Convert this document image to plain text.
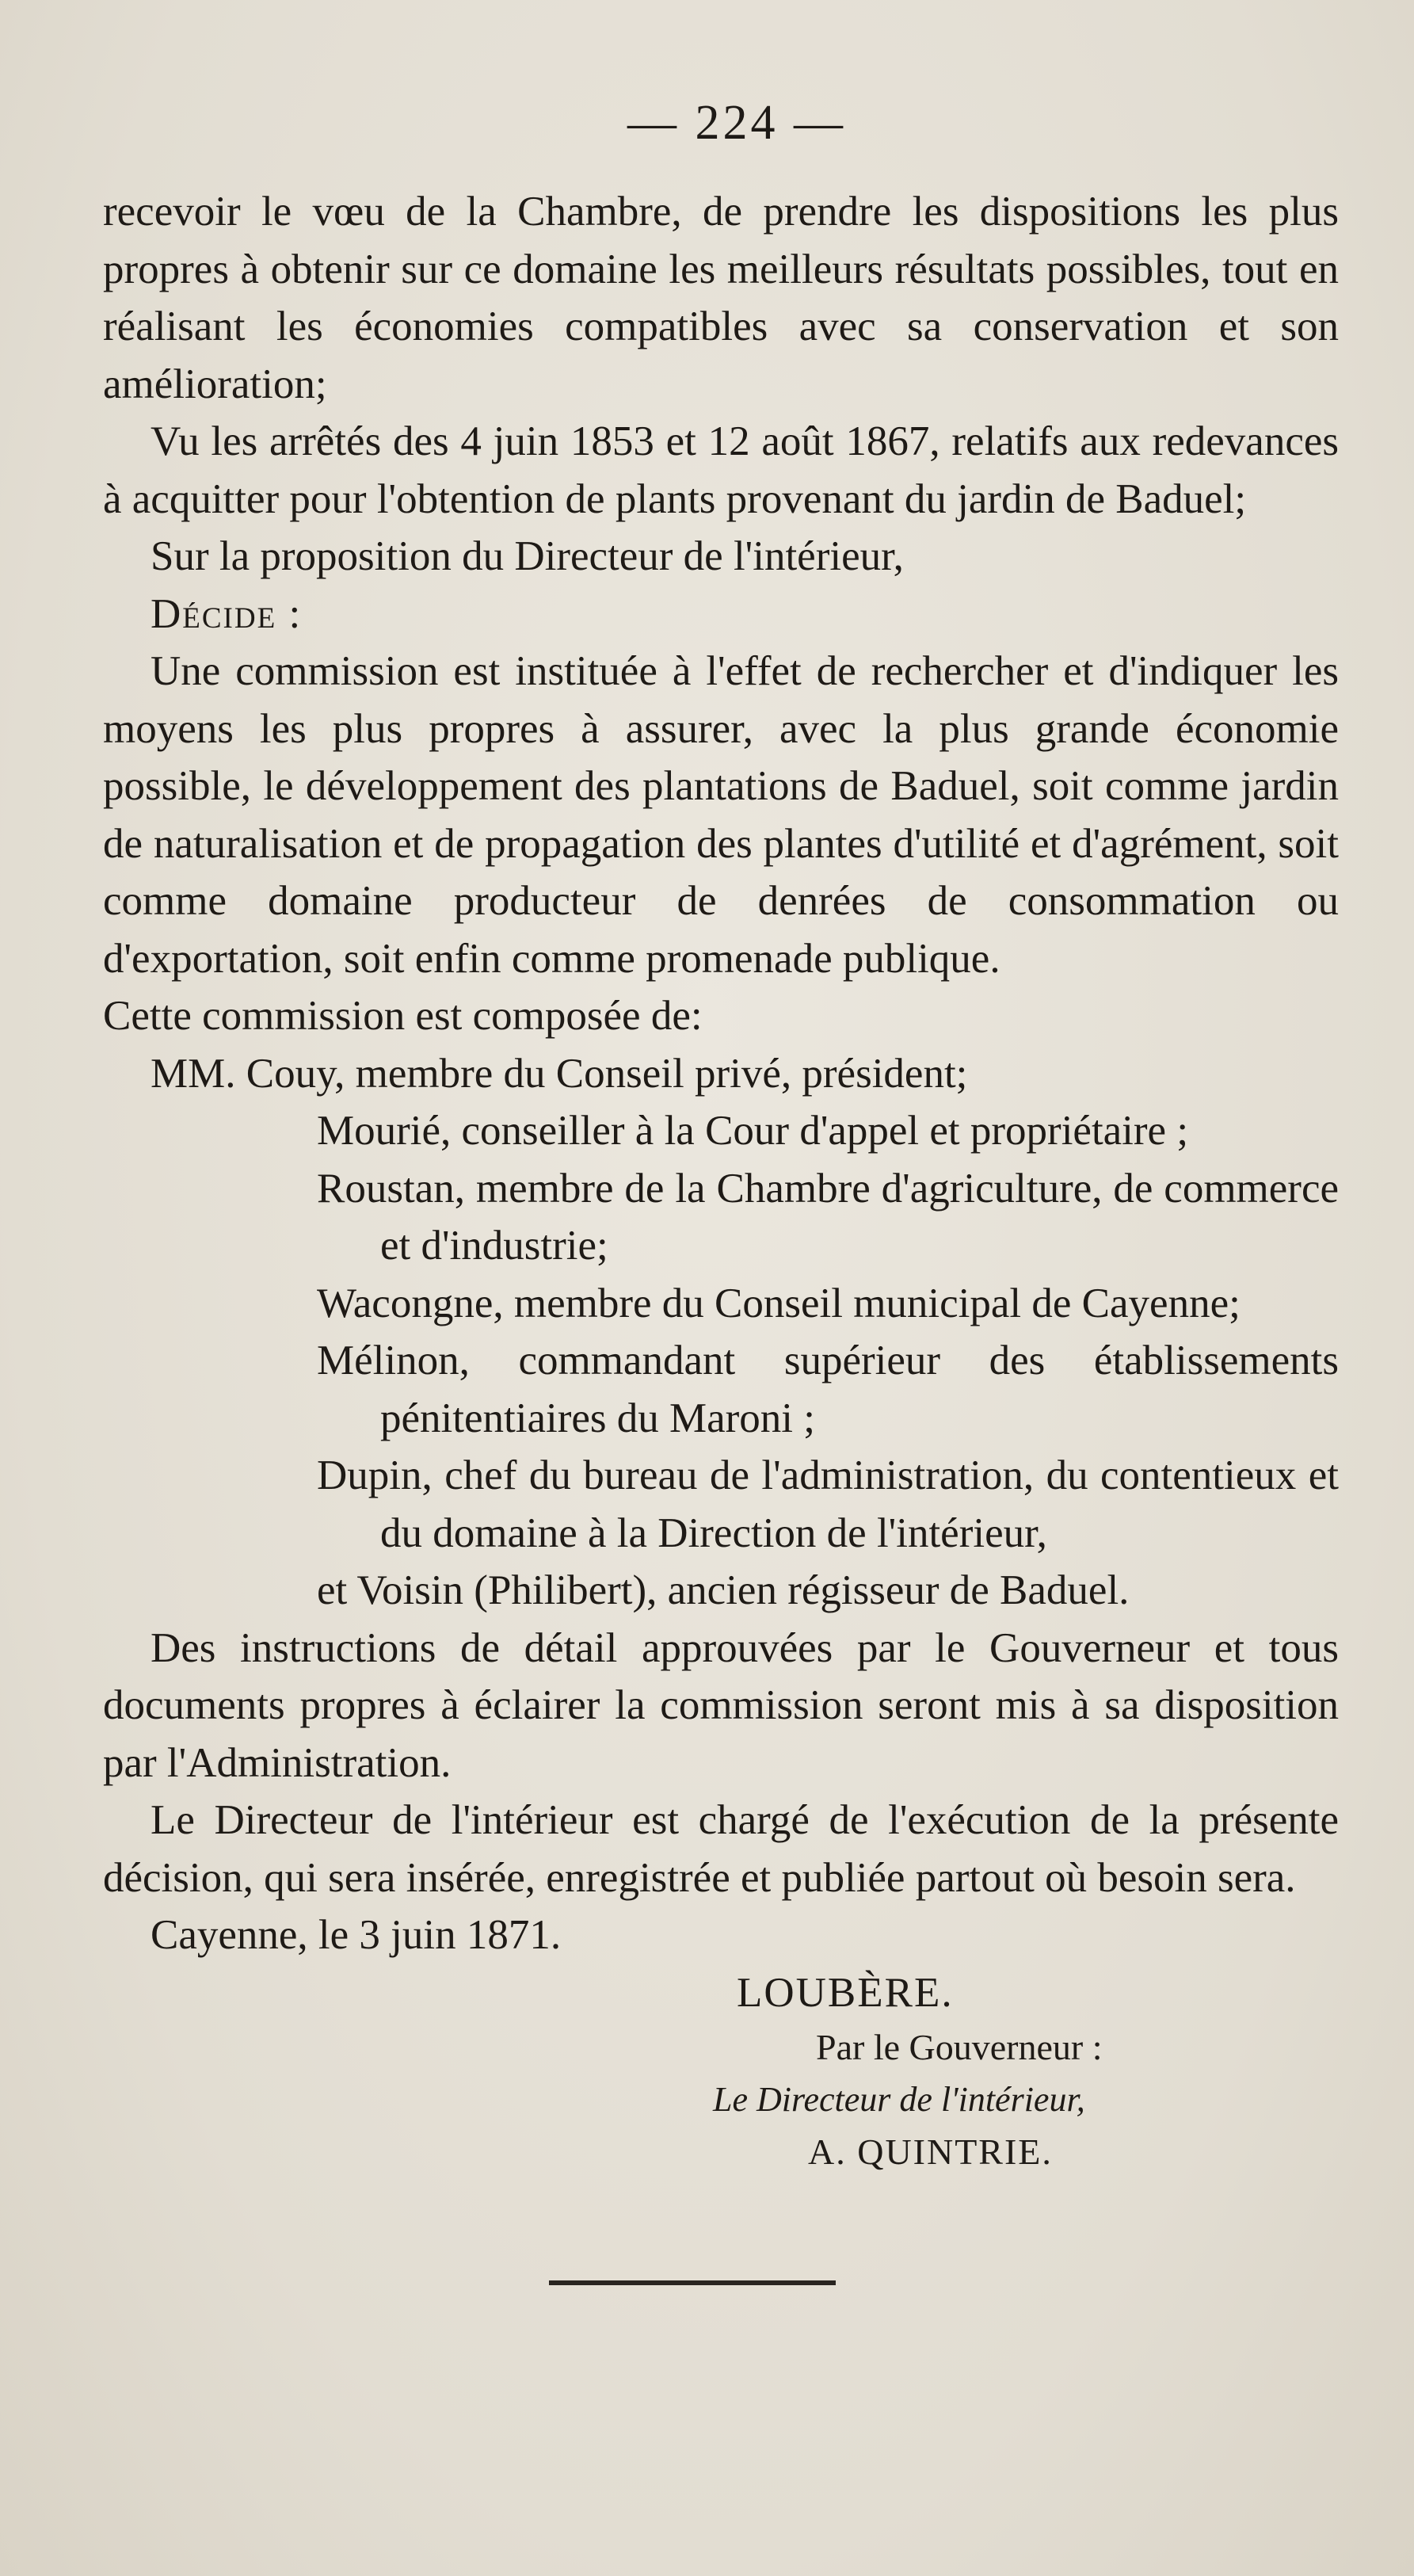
— 224 —

recevoir le vœu de la Chambre, de prendre les dispositions les plus propres à obtenir sur ce domaine les meilleurs résultats possibles, tout en réalisant les économies compatibles avec sa conservation et son amélioration;

Vu les arrêtés des 4 juin 1853 et 12 août 1867, relatifs aux redevances à acquitter pour l'obtention de plants provenant du jardin de Baduel;

Sur la proposition du Directeur de l'intérieur,

Décide :

Une commission est instituée à l'effet de rechercher et d'indiquer les moyens les plus propres à assurer, avec la plus grande économie possible, le développement des plantations de Baduel, soit comme jardin de naturalisation et de propagation des plantes d'utilité et d'agrément, soit comme domaine producteur de denrées de consommation ou d'exportation, soit enfin comme promenade publique.

Cette commission est composée de:

MM. Couy, membre du Conseil privé, président;

Mourié, conseiller à la Cour d'appel et propriétaire ;

Roustan, membre de la Chambre d'agriculture, de commerce et d'industrie;

Wacongne, membre du Conseil municipal de Cayenne;

Mélinon, commandant supérieur des établissements pénitentiaires du Maroni ;

Dupin, chef du bureau de l'administration, du contentieux et du domaine à la Direction de l'intérieur,

et Voisin (Philibert), ancien régisseur de Baduel.

Des instructions de détail approuvées par le Gouverneur et tous documents propres à éclairer la commission seront mis à sa disposition par l'Administration.

Le Directeur de l'intérieur est chargé de l'exécution de la présente décision, qui sera insérée, enregistrée et publiée partout où besoin sera.

Cayenne, le 3 juin 1871.

LOUBÈRE.

Par le Gouverneur :

Le Directeur de l'intérieur,

A. QUINTRIE.
